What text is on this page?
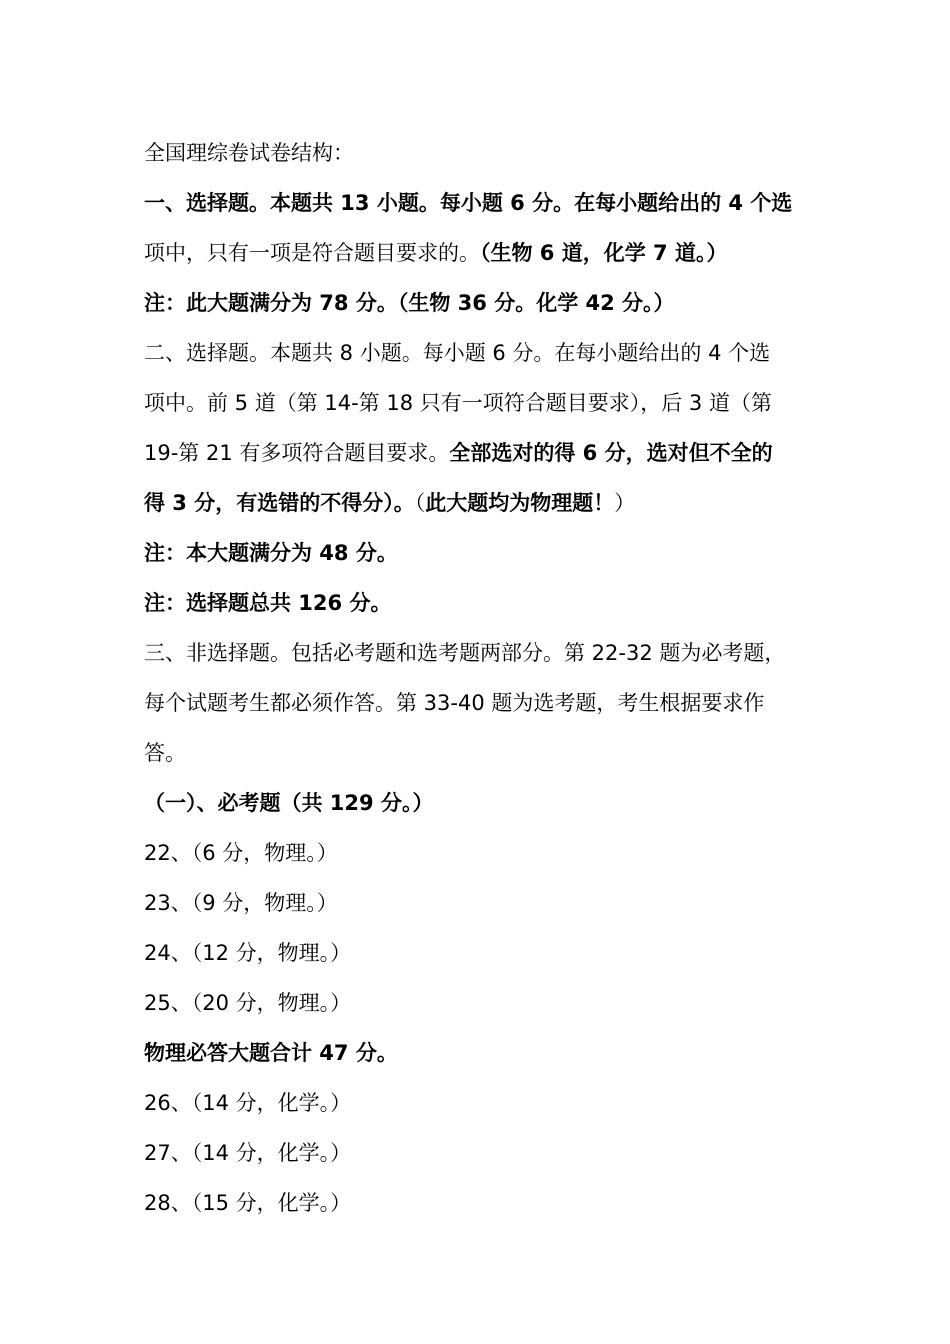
全国理综卷试卷结构：
一、选择题。本题共 13 小题。每小题 6 分。在每小题给出的 4 个选
项中，只有一项是符合题目要求的。（生物 6 道，化学 7 道。）
注：此大题满分为 78 分。（生物 36 分。化学 42 分。）
二、选择题。本题共 8 小题。每小题 6 分。在每小题给出的 4 个选
项中。前 5 道（第 14-第 18 只有一项符合题目要求），后 3 道（第
19-第 21 有多项符合题目要求。全部选对的得 6 分，选对但不全的
得 3 分，有选错的不得分）。（此大题均为物理题！）
注：本大题满分为 48 分。
注：选择题总共 126 分。
三、非选择题。包括必考题和选考题两部分。第 22-32 题为必考题，
每个试题考生都必须作答。第 33-40 题为选考题，考生根据要求作
答。
（一）、必考题（共 129 分。）
22、（6 分，物理。）
23、（9 分，物理。）
24、（12 分，物理。）
25、（20 分，物理。）
物理必答大题合计 47 分。
26、（14 分，化学。）
27、（14 分，化学。）
28、（15 分，化学。）
